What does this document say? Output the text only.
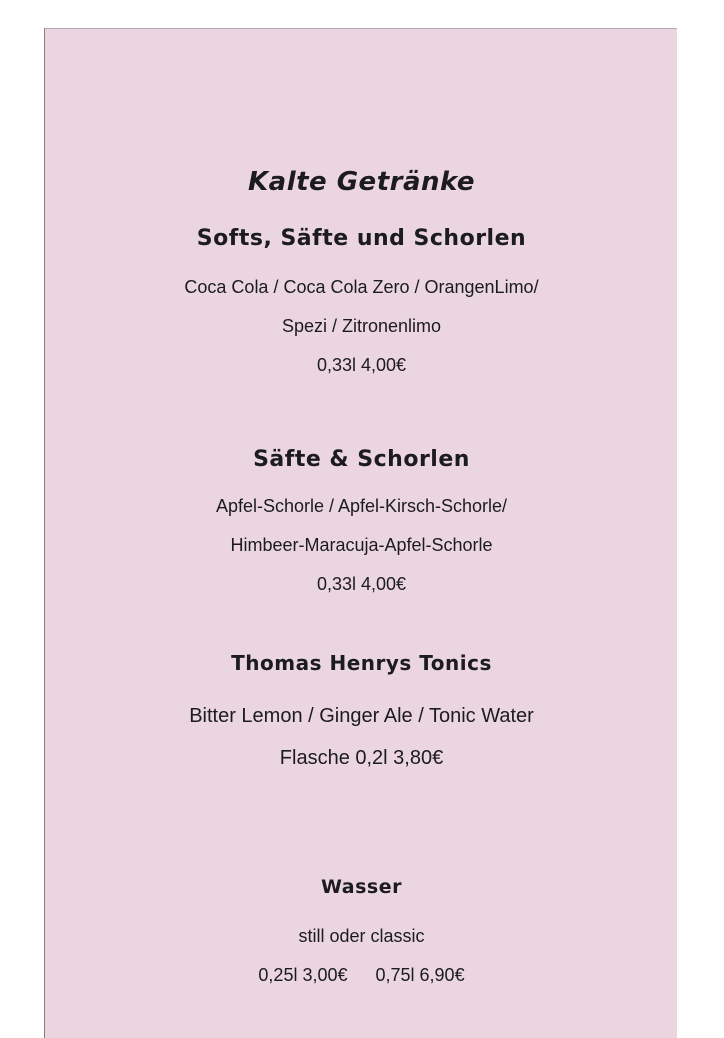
Kalte Getränke
Softs, Säfte und Schorlen
Coca Cola / Coca Cola Zero / OrangenLimo/
Spezi / Zitronenlimo
0,33l 4,00€
Säfte & Schorlen
Apfel-Schorle / Apfel-Kirsch-Schorle/
Himbeer-Maracuja-Apfel-Schorle
0,33l 4,00€
Thomas Henrys Tonics
Bitter Lemon / Ginger Ale / Tonic Water
Flasche 0,2l 3,80€
Wasser
still oder classic
0,25l 3,00€ 0,75l 6,90€
